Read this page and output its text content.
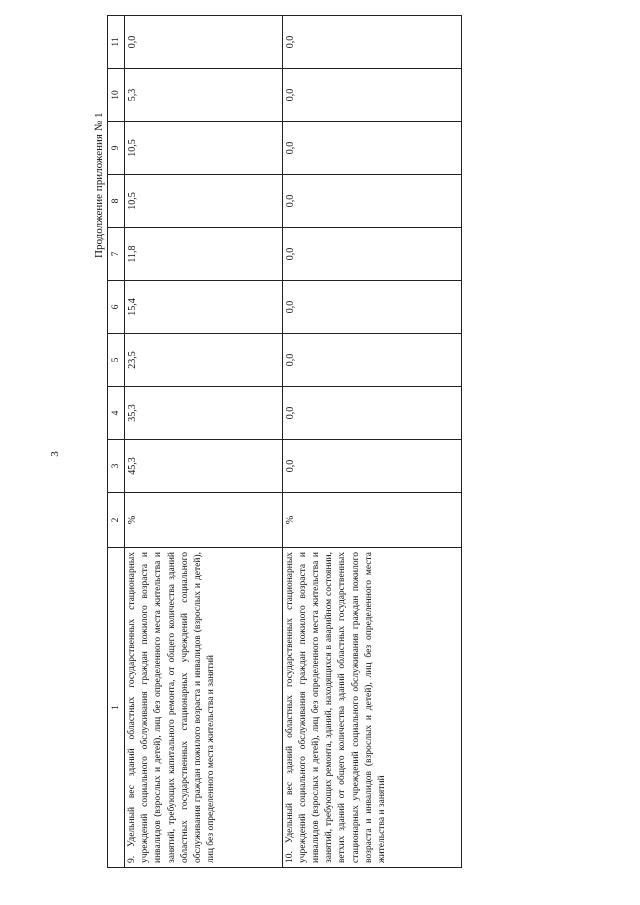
3
Продолжение приложения № 1
1	2	3	4	5	6	7	8	9	10	11
9. Удельный вес зданий областных государственных стационарных учреждений социального обслуживания граждан пожилого возраста и инвалидов (взрослых и детей), лиц без определенного места жительства и занятий, требующих капитального ремонта, от общего количества зданий областных государственных стационарных учреждений социального обслуживания граждан пожилого возраста и инвалидов (взрослых и детей), лиц без определенного места жительства и занятий	%	45,3	35,3	23,5	15,4	11,8	10,5	10,5	5,3	0,0
10. Удельный вес зданий областных государственных стационарных учреждений социального обслуживания граждан пожилого возраста и инвалидов (взрослых и детей), лиц без определенного места жительства и занятий, требующих ремонта, зданий, находящихся в аварийном состоянии, ветхих зданий от общего количества зданий областных государственных стационарных учреждений социального обслуживания граждан пожилого возраста и инвалидов (взрослых и детей), лиц без определенного места жительства и занятий	%	0,0	0,0	0,0	0,0	0,0	0,0	0,0	0,0	0,0
